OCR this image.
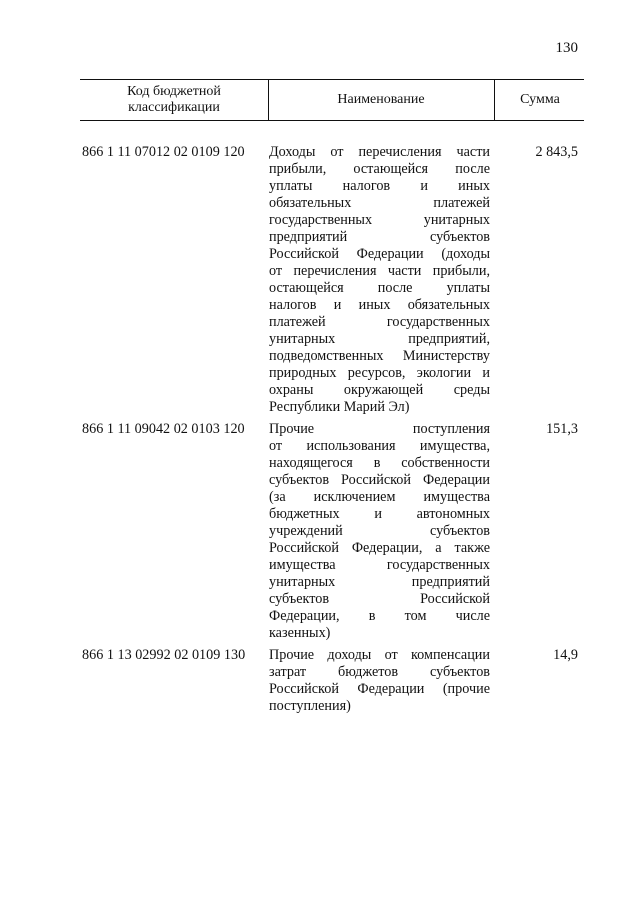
130
Код бюджетной классификации
Наименование	Сумма
866 1 11 07012 02 0109 120 Доходы от перечисления части
прибыли, остающейся после
уплаты налогов и иных
обязательных платежей
государственных унитарных
предприятий субъектов
Российской Федерации (доходы
от перечисления части прибыли,
остающейся после уплаты
налогов и иных обязательных
платежей государственных
унитарных предприятий,
подведомственных Министерству
природных ресурсов, экологии и
охраны окружающей среды
Республики Марий Эл)
2 843,5
866 1 11 09042 02 0103 120 Прочие поступления
от использования имущества,
находящегося в собственности
субъектов Российской Федерации
(за исключением имущества
бюджетных и автономных
учреждений субъектов
Российской Федерации, а также
имущества государственных
унитарных предприятий
субъектов Российской
Федерации, в том числе
казенных)
151,3
866 1 13 02992 02 0109 130 Прочие доходы от компенсации
затрат бюджетов субъектов
Российской Федерации (прочие
поступления)
14,9
